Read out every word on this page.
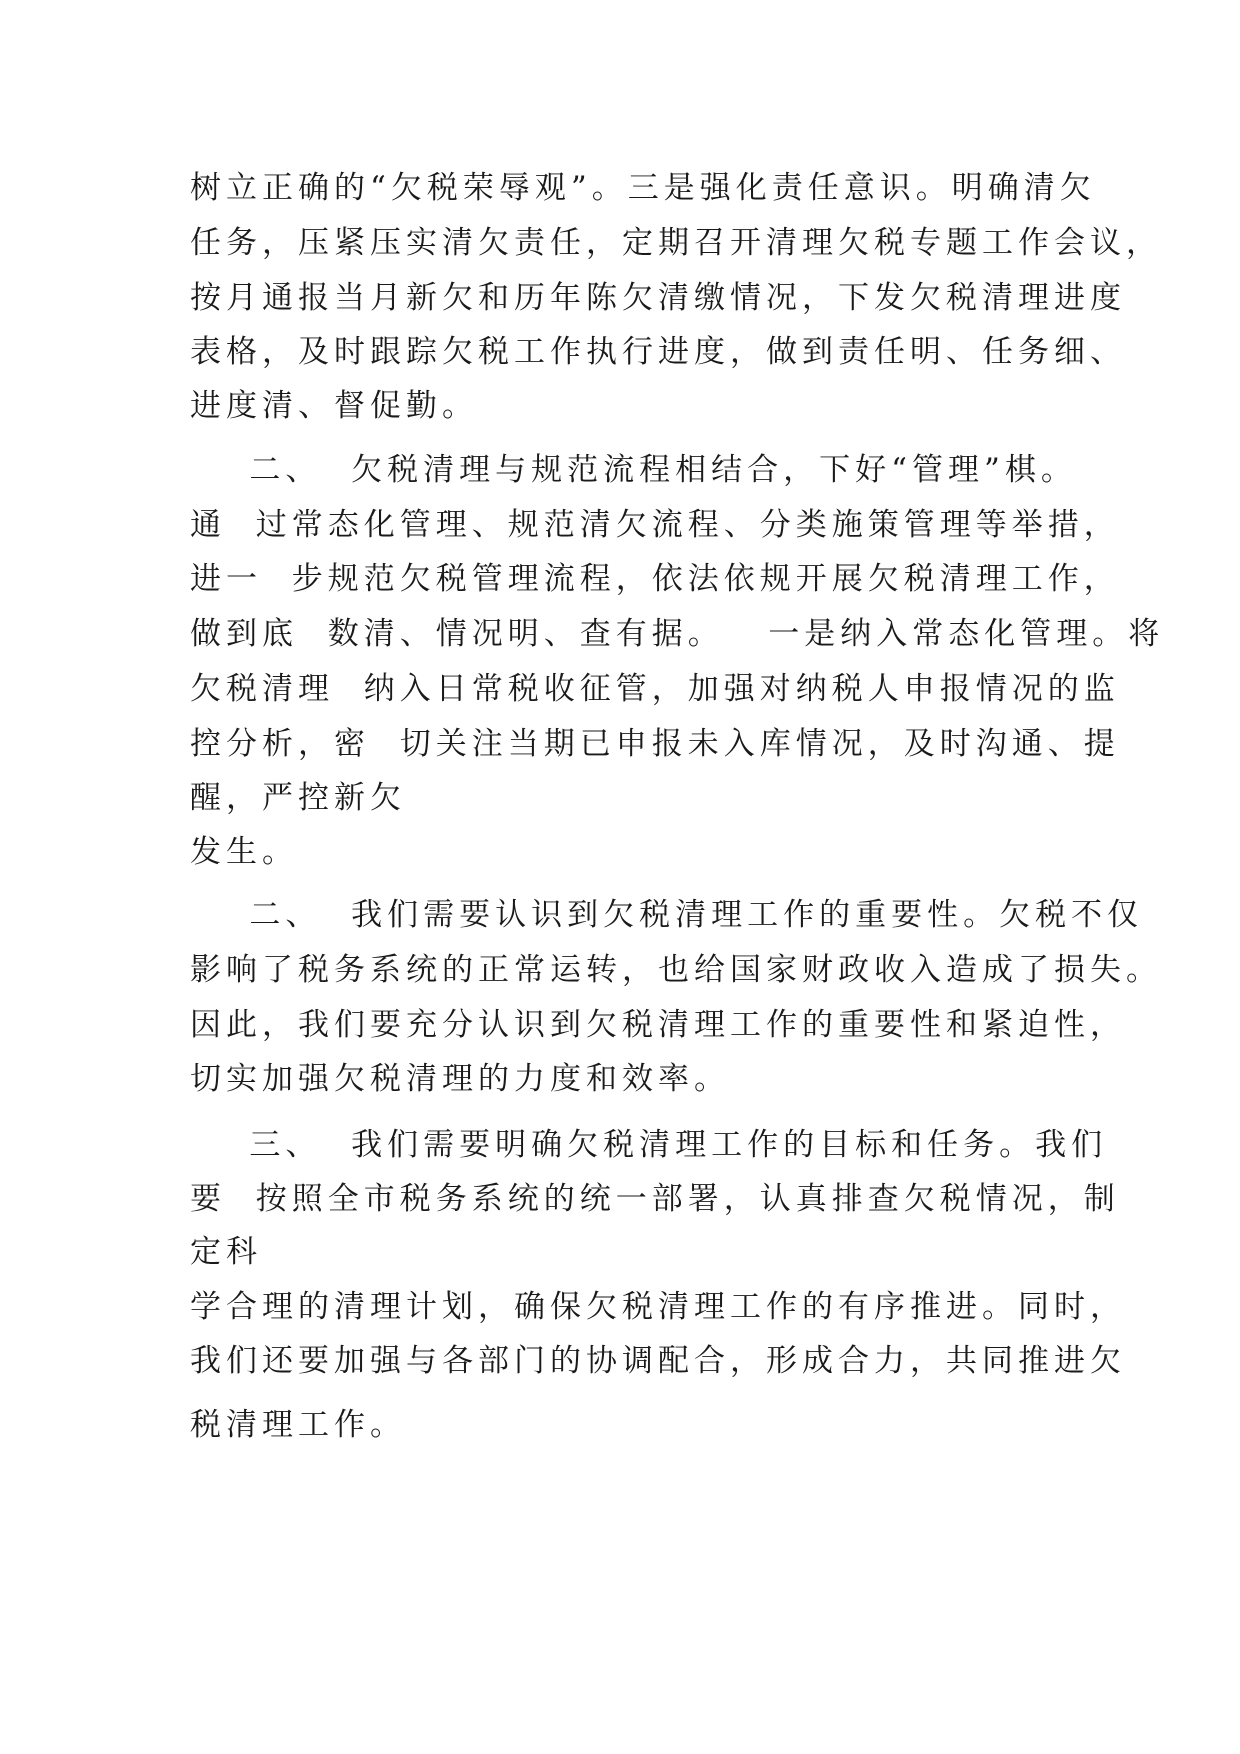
树立正确的“欠税荣辱观”。三是强化责任意识。明确清欠

任务，压紧压实清欠责任，定期召开清理欠税专题工作会议，

按月通报当月新欠和历年陈欠清缴情况，下发欠税清理进度

表格，及时跟踪欠税工作执行进度，做到责任明、任务细、

进度清、督促勤。

二、  欠税清理与规范流程相结合，下好“管理”棋。

通  过常态化管理、规范清欠流程、分类施策管理等举措，

进一  步规范欠税管理流程，依法依规开展欠税清理工作，

做到底  数清、情况明、查有据。   一是纳入常态化管理。将

欠税清理  纳入日常税收征管，加强对纳税人申报情况的监

控分析，密  切关注当期已申报未入库情况，及时沟通、提

醒，严控新欠

发生。

二、  我们需要认识到欠税清理工作的重要性。欠税不仅

影响了税务系统的正常运转，也给国家财政收入造成了损失。

因此，我们要充分认识到欠税清理工作的重要性和紧迫性，

切实加强欠税清理的力度和效率。

三、  我们需要明确欠税清理工作的目标和任务。我们

要  按照全市税务系统的统一部署，认真排查欠税情况，制

定科

学合理的清理计划，确保欠税清理工作的有序推进。同时，

我们还要加强与各部门的协调配合，形成合力，共同推进欠

税清理工作。
